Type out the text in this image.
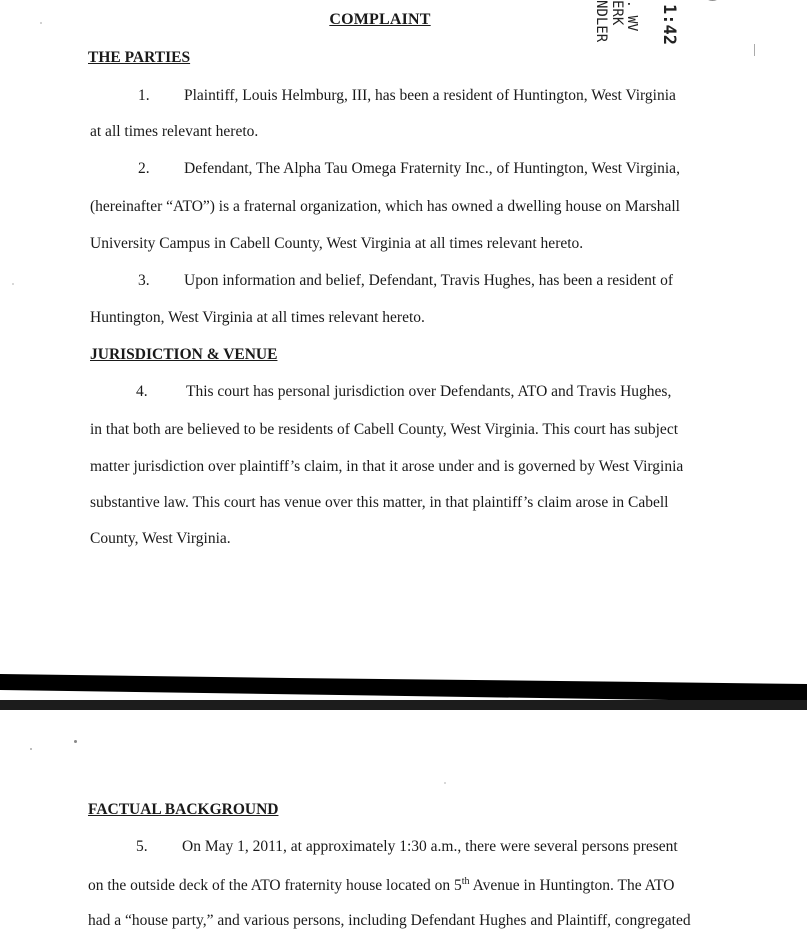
NDLER ERK . WV 1:42
COMPLAINT
THE PARTIES
1. Plaintiff, Louis Helmburg, III, has been a resident of Huntington, West Virginia
at all times relevant hereto.
2. Defendant, The Alpha Tau Omega Fraternity Inc., of Huntington, West Virginia,
(hereinafter “ATO”) is a fraternal organization, which has owned a dwelling house on Marshall
University Campus in Cabell County, West Virginia at all times relevant hereto.
3. Upon information and belief, Defendant, Travis Hughes, has been a resident of
Huntington, West Virginia at all times relevant hereto.
JURISDICTION & VENUE
4. This court has personal jurisdiction over Defendants, ATO and Travis Hughes,
in that both are believed to be residents of Cabell County, West Virginia. This court has subject
matter jurisdiction over plaintiff’s claim, in that it arose under and is governed by West Virginia
substantive law. This court has venue over this matter, in that plaintiff’s claim arose in Cabell
County, West Virginia.
FACTUAL BACKGROUND
5. On May 1, 2011, at approximately 1:30 a.m., there were several persons present
on the outside deck of the ATO fraternity house located on 5th Avenue in Huntington. The ATO
had a “house party,” and various persons, including Defendant Hughes and Plaintiff, congregated
